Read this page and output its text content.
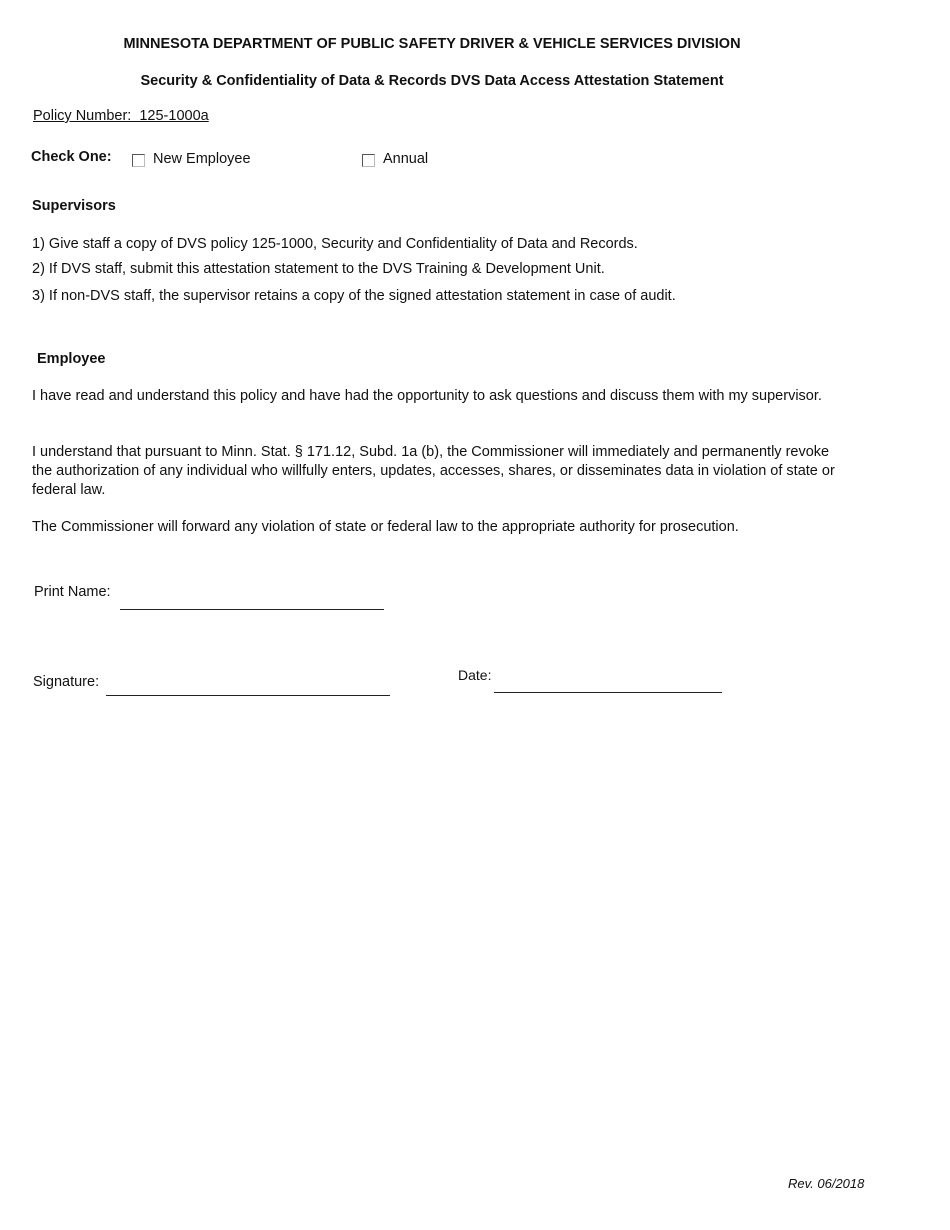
MINNESOTA DEPARTMENT OF PUBLIC SAFETY DRIVER & VEHICLE SERVICES DIVISION
Security & Confidentiality of Data & Records DVS Data Access Attestation Statement
Policy Number:  125-1000a
Check One:	New Employee	Annual
Supervisors
1) Give staff a copy of DVS policy 125-1000, Security and Confidentiality of Data and Records.
2) If DVS staff, submit this attestation statement to the DVS Training & Development Unit.
3) If non-DVS staff, the supervisor retains a copy of the signed attestation statement in case of audit.
Employee
I have read and understand this policy and have had the opportunity to ask questions and discuss them with my supervisor.
I understand that pursuant to Minn. Stat. § 171.12, Subd. 1a (b), the Commissioner will immediately and permanently revoke the authorization of any individual who willfully enters, updates, accesses, shares, or disseminates data in violation of state or federal law.
The Commissioner will forward any violation of state or federal law to the appropriate authority for prosecution.
Print Name:
Signature:	Date:
Rev. 06/2018
